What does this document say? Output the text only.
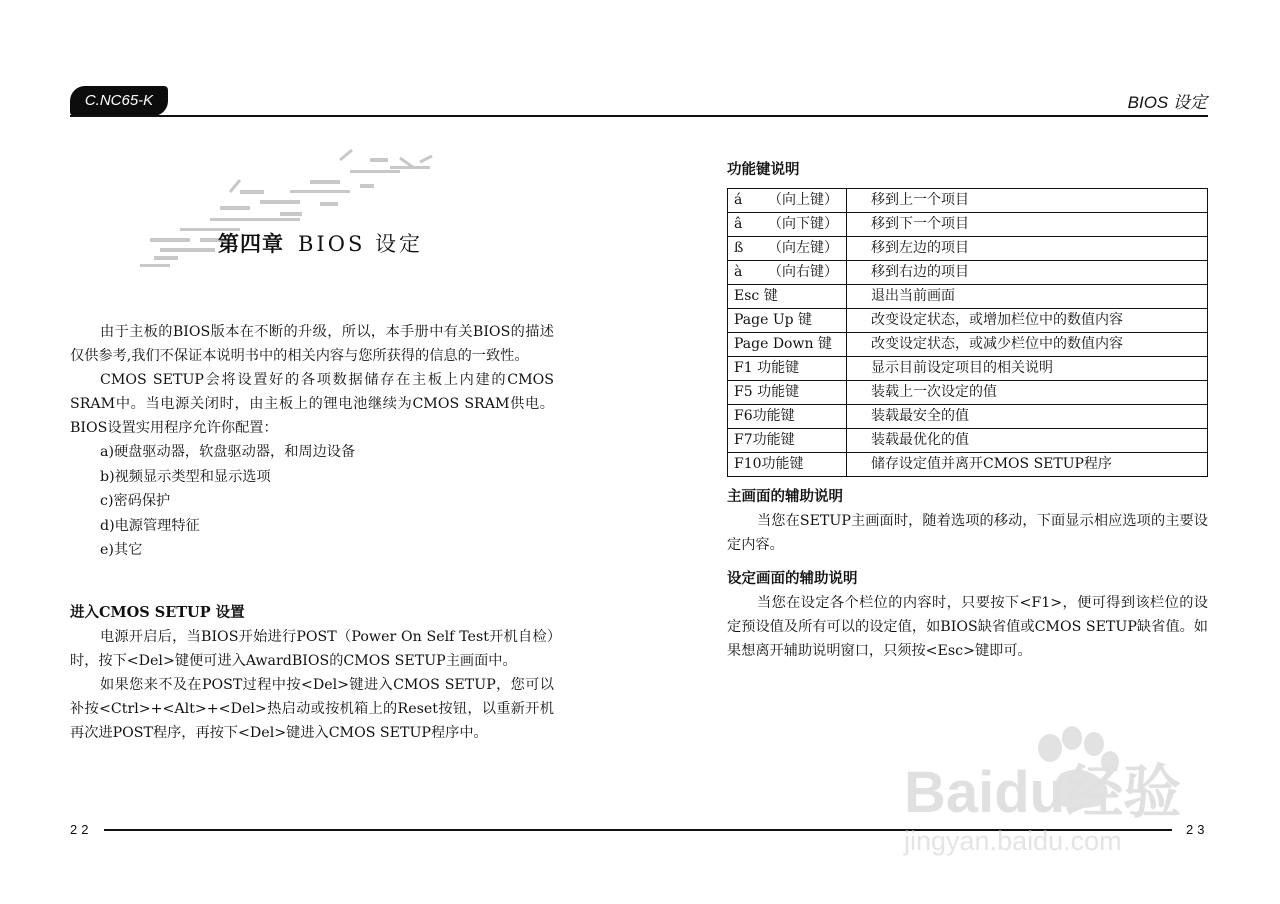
C.NC65-K	BIOS 设定
第四章 BIOS 设定

由于主板的BIOS版本在不断的升级，所以，本手册中有关BIOS的描述仅供参考,我们不保证本说明书中的相关内容与您所获得的信息的一致性。

CMOS SETUP会将设置好的各项数据储存在主板上内建的CMOS SRAM中。当电源关闭时，由主板上的锂电池继续为CMOS SRAM供电。BIOS设置实用程序允许你配置：

a)硬盘驱动器，软盘驱动器，和周边设备

b)视频显示类型和显示选项

c)密码保护

d)电源管理特征

e)其它

进入CMOS SETUP 设置

电源开启后，当BIOS开始进行POST（Power On Self Test开机自检）时，按下<Del>键便可进入AwardBIOS的CMOS SETUP主画面中。

如果您来不及在POST过程中按<Del>键进入CMOS SETUP，您可以补按<Ctrl>+<Alt>+<Del>热启动或按机箱上的Reset按钮，以重新开机再次进POST程序，再按下<Del>键进入CMOS SETUP程序中。

功能键说明

á （向上键）	移到上一个项目
â （向下键）	移到下一个项目
ß （向左键）	移到左边的项目
à （向右键）	移到右边的项目
Esc 键	退出当前画面
Page Up 键	改变设定状态，或增加栏位中的数值内容
Page Down 键	改变设定状态，或减少栏位中的数值内容
F1 功能键	显示目前设定项目的相关说明
F5 功能键	装载上一次设定的值
F6功能键	装载最安全的值
F7功能键	装载最优化的值
F10功能键	储存设定值并离开CMOS SETUP程序

主画面的辅助说明

当您在SETUP主画面时，随着选项的移动，下面显示相应选项的主要设定内容。

设定画面的辅助说明

当您在设定各个栏位的内容时，只要按下<F1>，便可得到该栏位的设定预设值及所有可以的设定值，如BIOS缺省值或CMOS SETUP缺省值。如果想离开辅助说明窗口，只须按<Esc>键即可。

22	23
Baidu经验
jingyan.baidu.com
